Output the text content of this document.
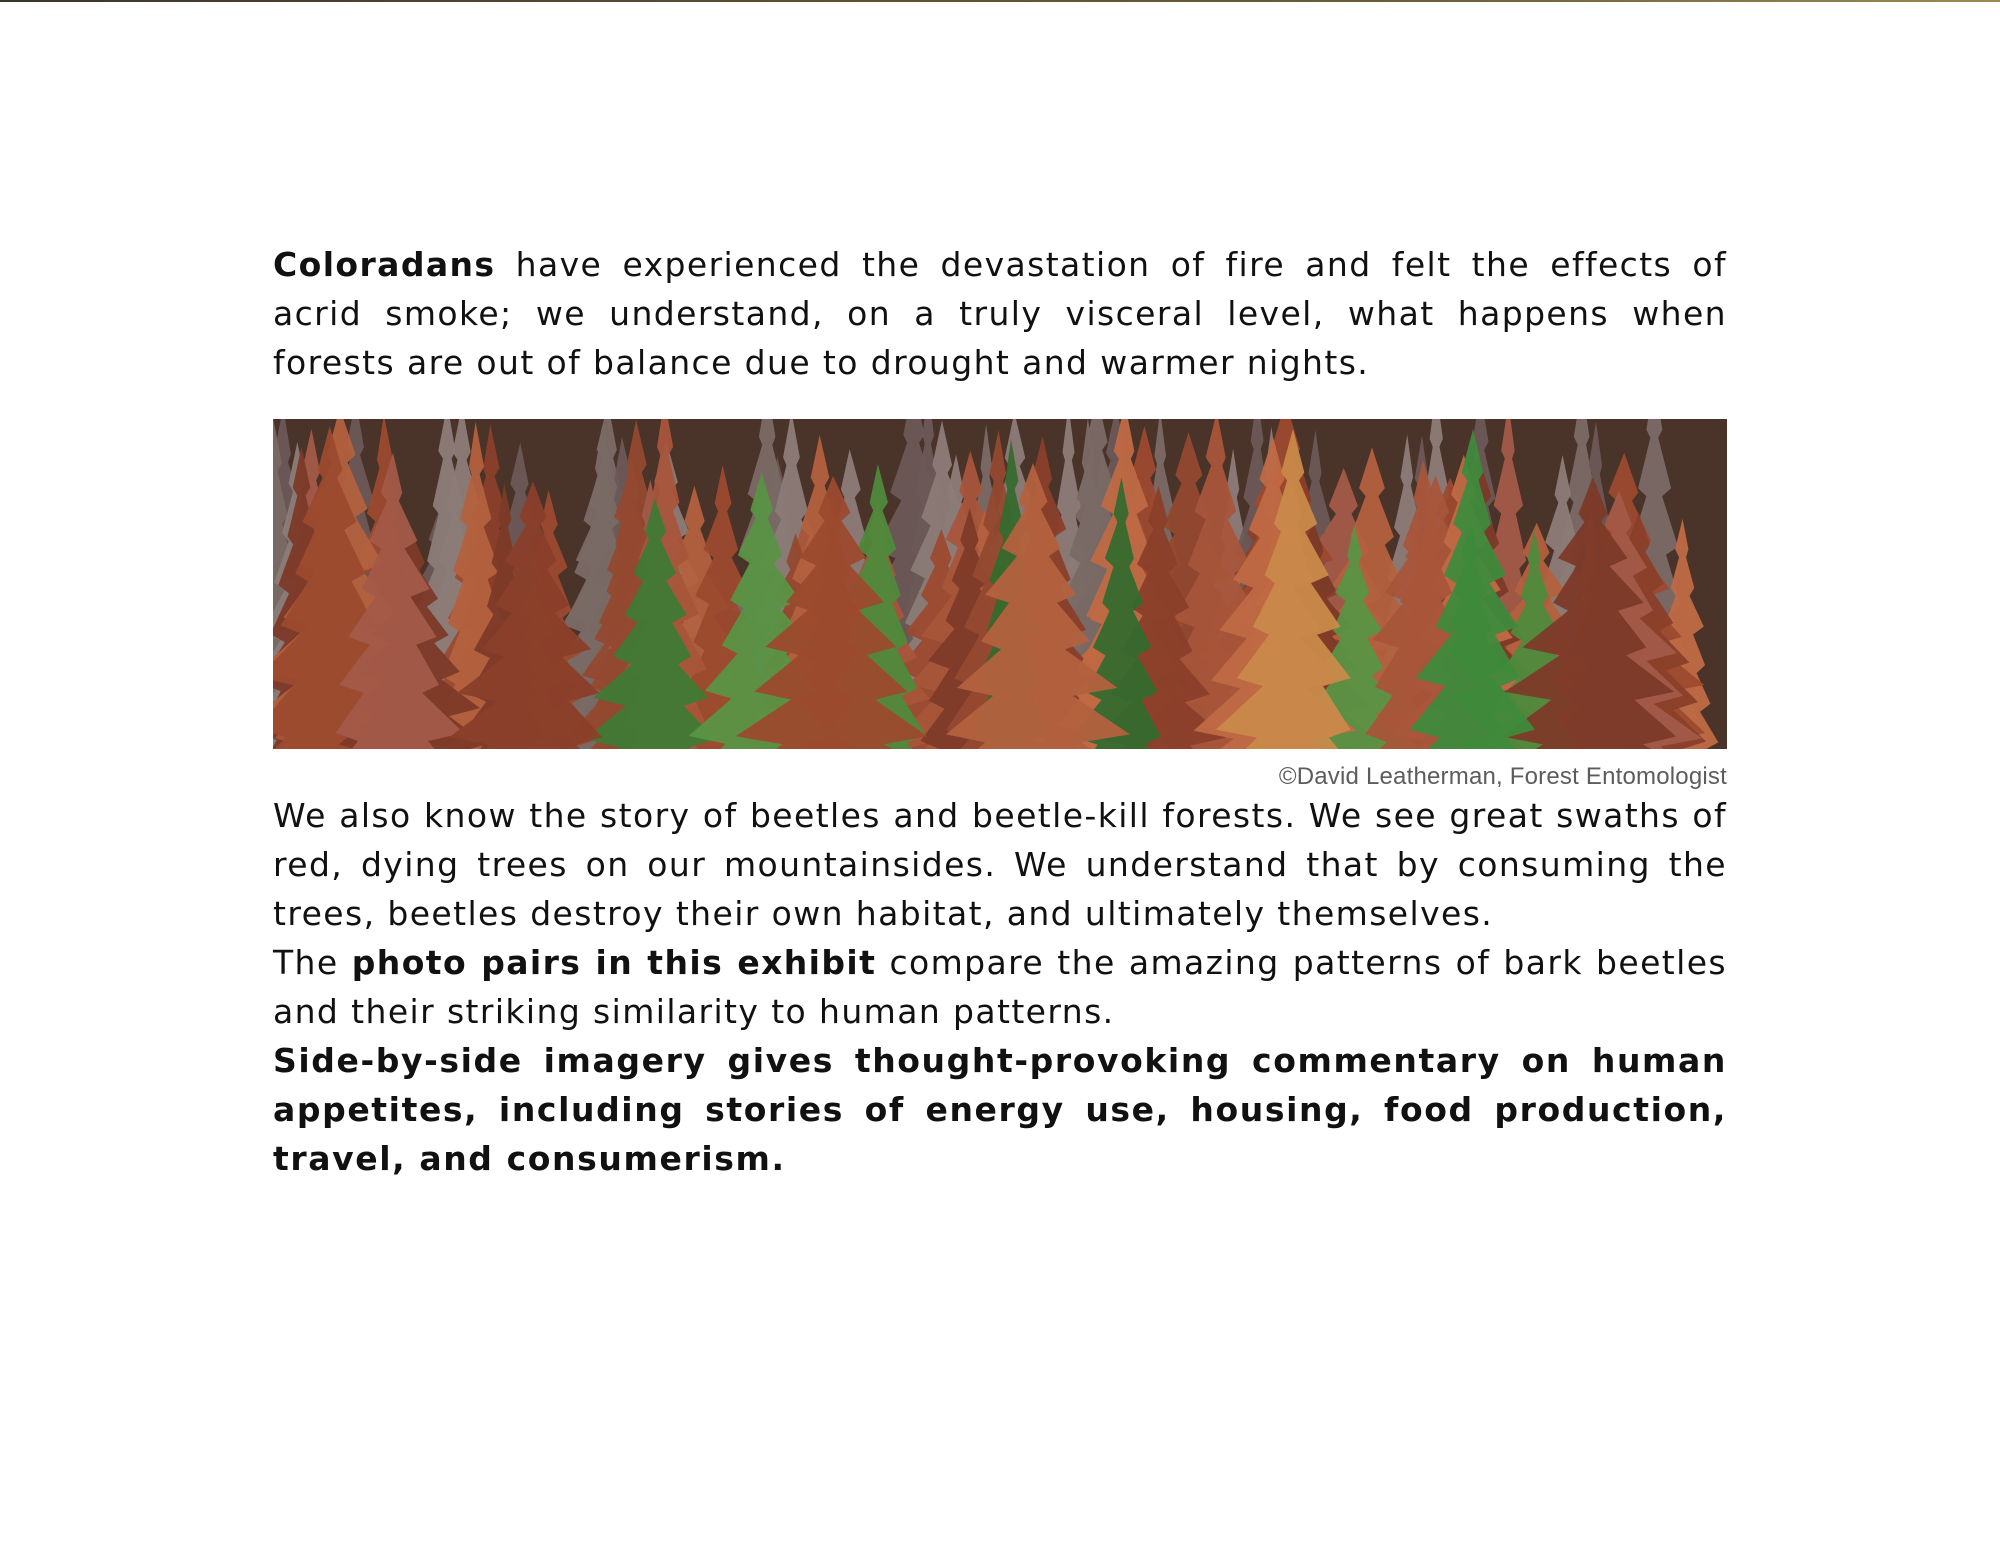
Coloradans have experienced the devastation of fire and felt the effects of acrid smoke; we understand, on a truly visceral level, what happens when forests are out of balance due to drought and warmer nights.

©David Leatherman, Forest Entomologist

We also know the story of beetles and beetle-kill forests. We see great swaths of red, dying trees on our mountainsides. We understand that by consuming the trees, beetles destroy their own habitat, and ultimately themselves.

The photo pairs in this exhibit compare the amazing patterns of bark beetles and their striking similarity to human patterns.

Side-by-side imagery gives thought-provoking commentary on human appetites, including stories of energy use, housing, food production, travel, and consumerism.
